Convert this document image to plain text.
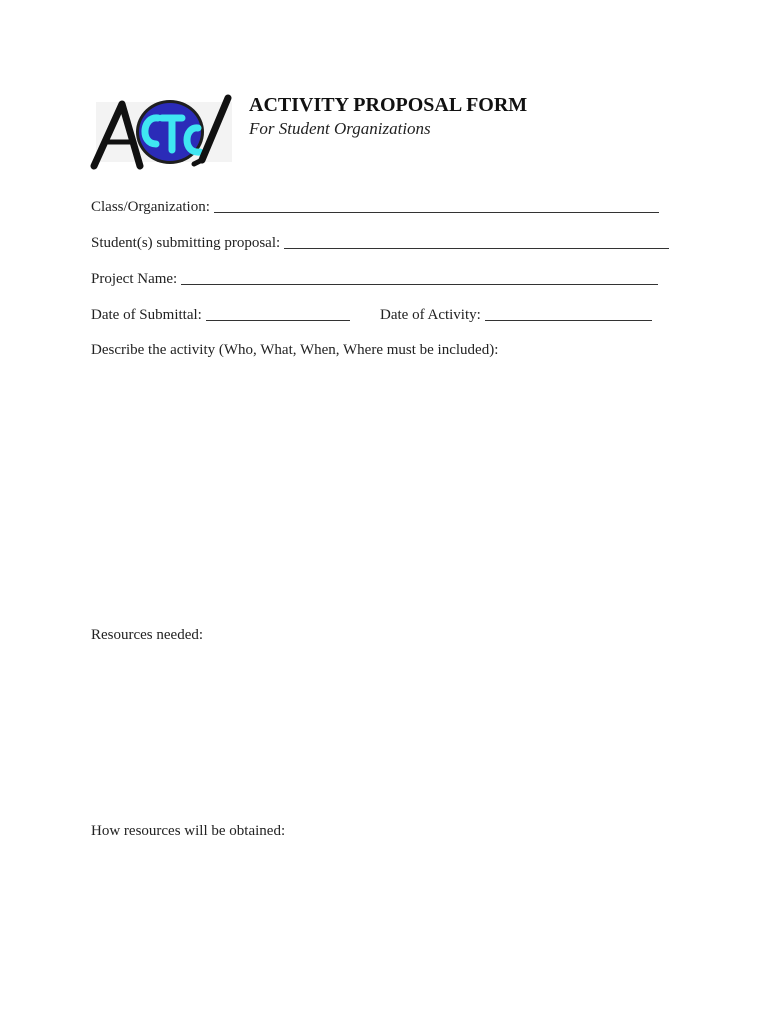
ACTIVITY PROPOSAL FORM
For Student Organizations
Class/Organization:
Student(s) submitting proposal:
Project Name:
Date of Submittal:	Date of Activity:
Describe the activity (Who, What, When, Where must be included):
Resources needed:
How resources will be obtained:
